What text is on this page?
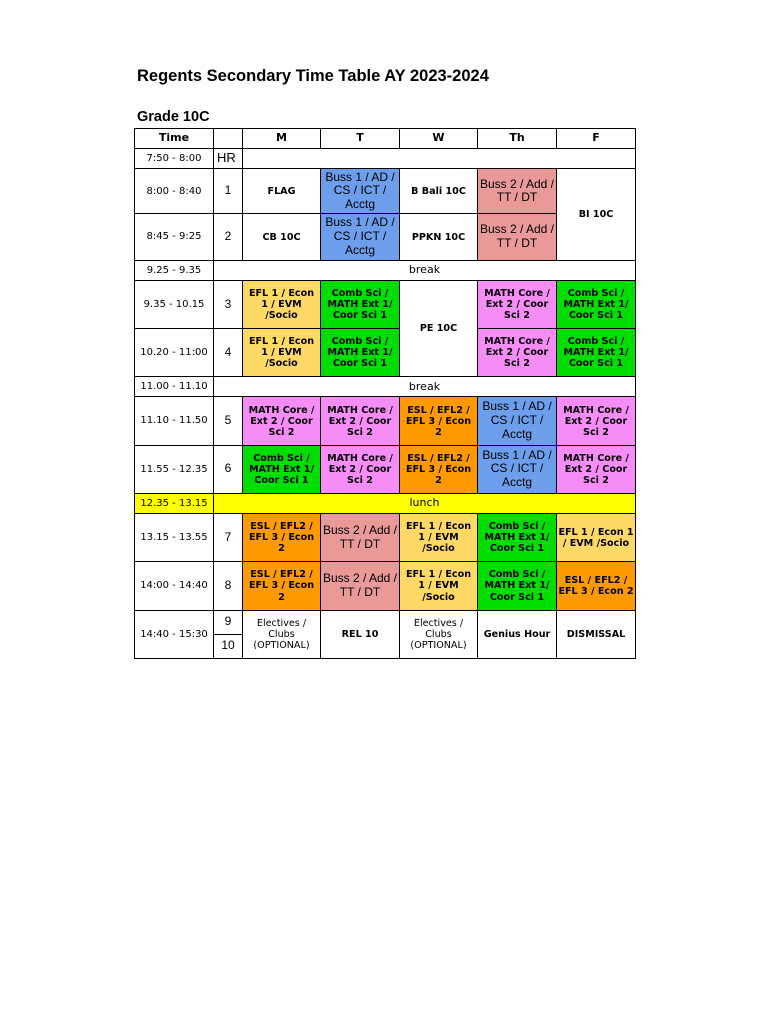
Regents Secondary Time Table AY 2023-2024
Grade 10C
Time		M	T	W	Th	F
7:50 - 8:00	HR					
8:00 - 8:40	1	FLAG	Buss 1 / AD / CS / ICT / Acctg	B Bali 10C	Buss 2 / Add / TT / DT	BI 10C
8:45 - 9:25	2	CB 10C	Buss 1 / AD / CS / ICT / Acctg	PPKN 10C	Buss 2 / Add / TT / DT	
9.25 - 9.35	break					
9.35 - 10.15	3	EFL 1 / Econ 1 / EVM /Socio	Comb Sci / MATH Ext 1/ Coor Sci 1	PE 10C	MATH Core / Ext 2 / Coor Sci 2	Comb Sci / MATH Ext 1/ Coor Sci 1
10.20 - 11:00	4	EFL 1 / Econ 1 / EVM /Socio	Comb Sci / MATH Ext 1/ Coor Sci 1		MATH Core / Ext 2 / Coor Sci 2	Comb Sci / MATH Ext 1/ Coor Sci 1
11.00 - 11.10	break					
11.10 - 11.50	5	MATH Core / Ext 2 / Coor Sci 2	MATH Core / Ext 2 / Coor Sci 2	ESL / EFL2 / EFL 3 / Econ 2	Buss 1 / AD / CS / ICT / Acctg	MATH Core / Ext 2 / Coor Sci 2
11.55 - 12.35	6	Comb Sci / MATH Ext 1/ Coor Sci 1	MATH Core / Ext 2 / Coor Sci 2	ESL / EFL2 / EFL 3 / Econ 2	Buss 1 / AD / CS / ICT / Acctg	MATH Core / Ext 2 / Coor Sci 2
12.35 - 13.15	lunch					
13.15 - 13.55	7	ESL / EFL2 / EFL 3 / Econ 2	Buss 2 / Add / TT / DT	EFL 1 / Econ 1 / EVM /Socio	Comb Sci / MATH Ext 1/ Coor Sci 1	EFL 1 / Econ 1 / EVM /Socio
14:00 - 14:40	8	ESL / EFL2 / EFL 3 / Econ 2	Buss 2 / Add / TT / DT	EFL 1 / Econ 1 / EVM /Socio	Comb Sci / MATH Ext 1/ Coor Sci 1	ESL / EFL2 / EFL 3 / Econ 2
14:40 - 15:30	9	Electives / Clubs (OPTIONAL)	REL 10	Electives / Clubs (OPTIONAL)	Genius Hour	DISMISSAL
	10					
